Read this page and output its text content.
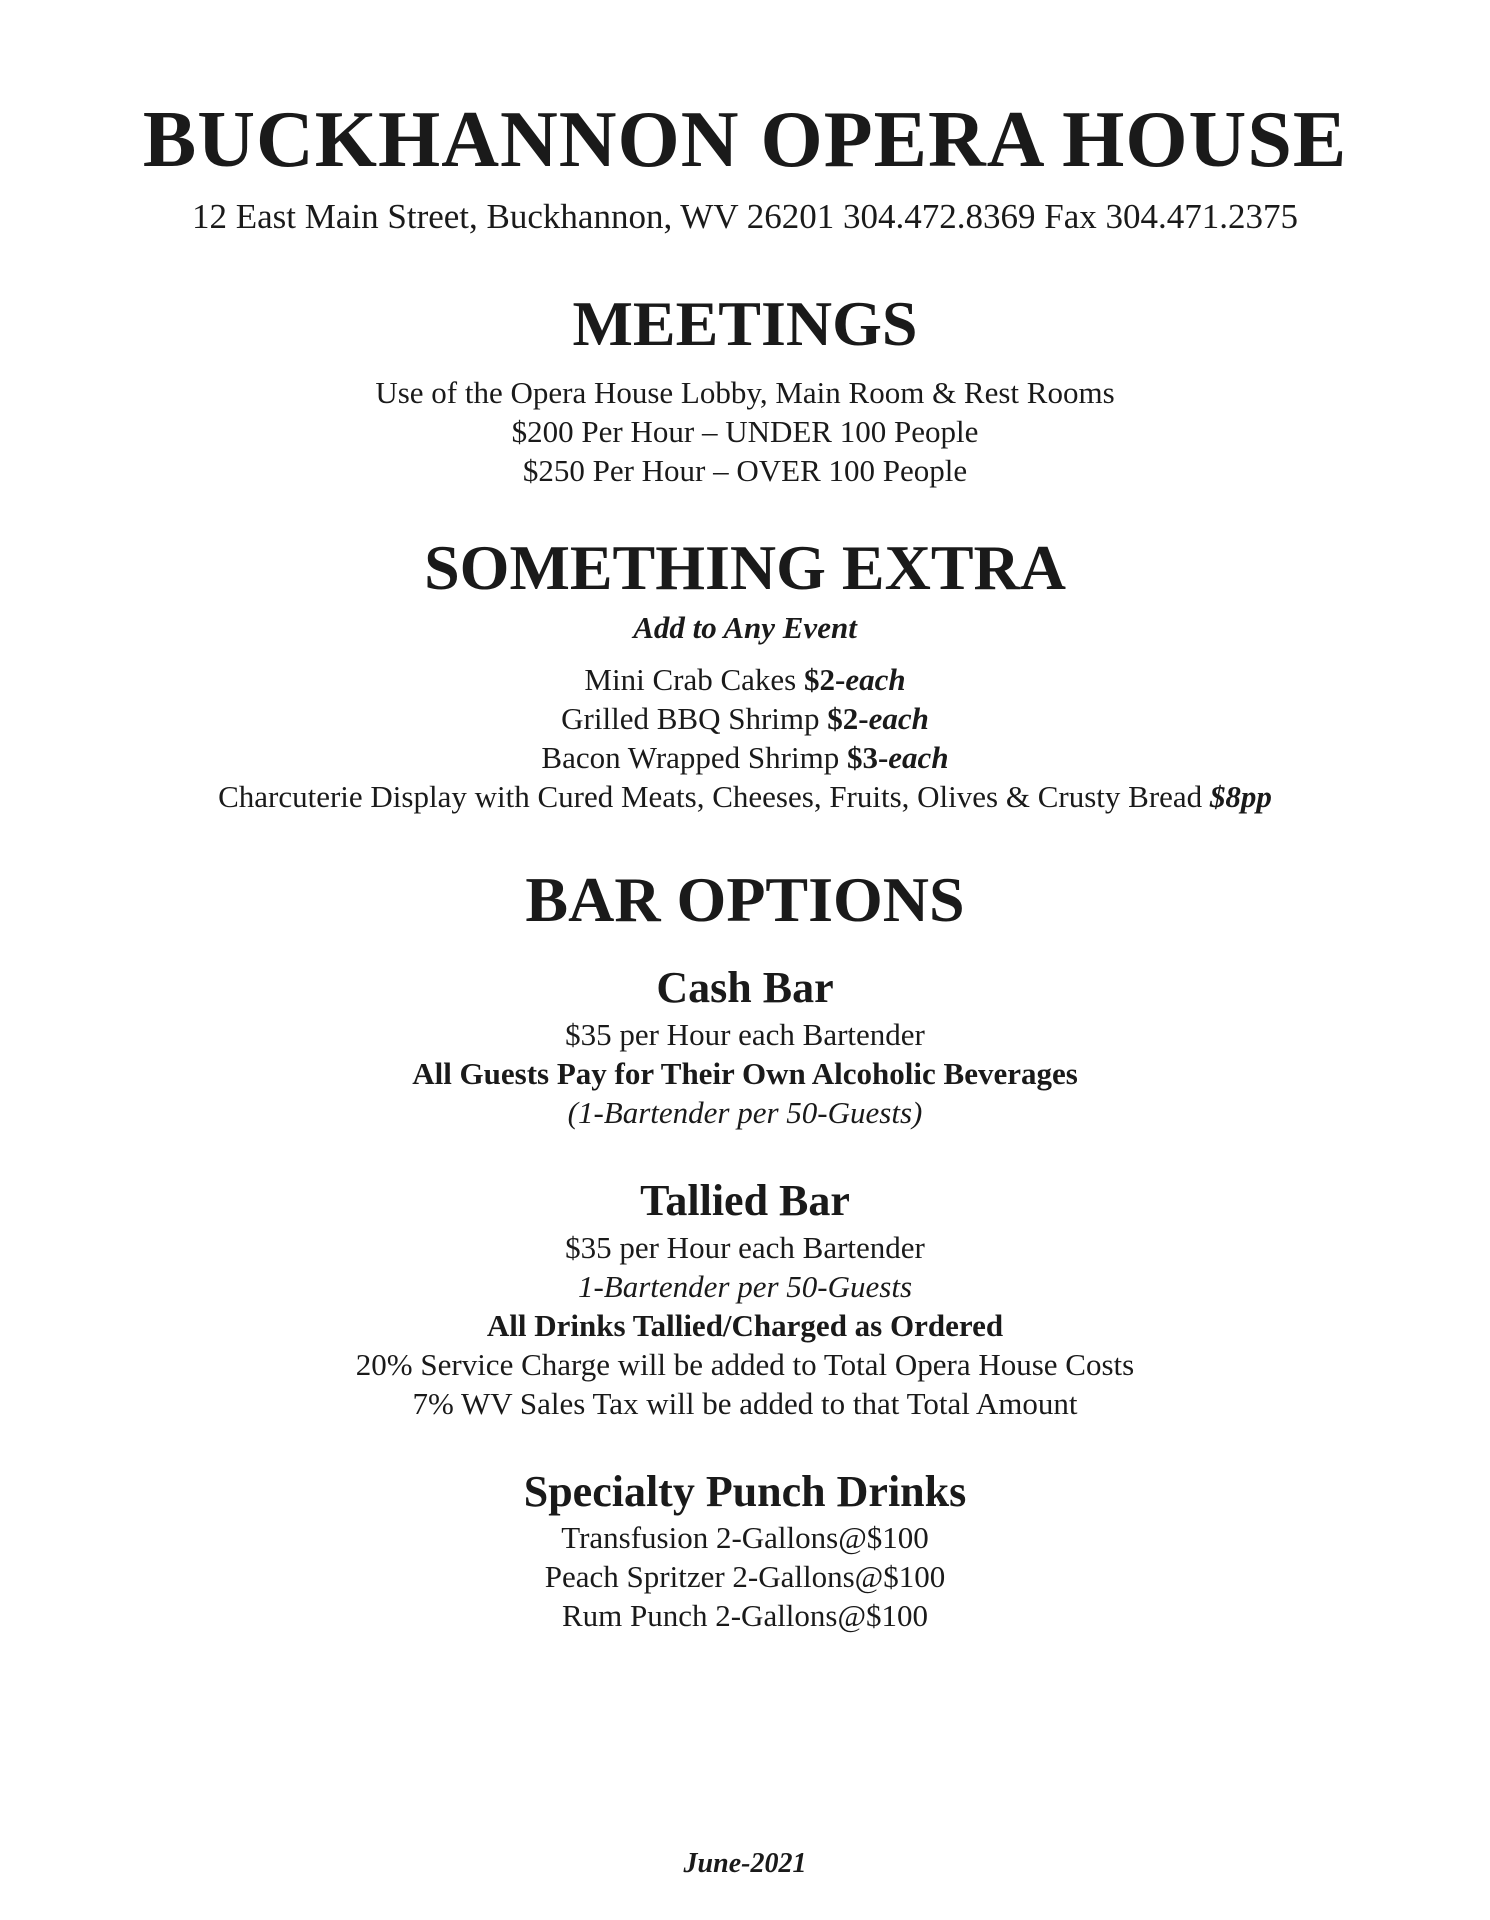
BUCKHANNON OPERA HOUSE
12 East Main Street, Buckhannon, WV 26201 304.472.8369 Fax 304.471.2375
MEETINGS
Use of the Opera House Lobby, Main Room & Rest Rooms
$200 Per Hour – UNDER 100 People
$250 Per Hour – OVER 100 People
SOMETHING EXTRA
Add to Any Event
Mini Crab Cakes $2-each
Grilled BBQ Shrimp $2-each
Bacon Wrapped Shrimp $3-each
Charcuterie Display with Cured Meats, Cheeses, Fruits, Olives & Crusty Bread $8pp
BAR OPTIONS
Cash Bar
$35 per Hour each Bartender
All Guests Pay for Their Own Alcoholic Beverages
(1-Bartender per 50-Guests)
Tallied Bar
$35 per Hour each Bartender
1-Bartender per 50-Guests
All Drinks Tallied/Charged as Ordered
20% Service Charge will be added to Total Opera House Costs
7% WV Sales Tax will be added to that Total Amount
Specialty Punch Drinks
Transfusion 2-Gallons@$100
Peach Spritzer 2-Gallons@$100
Rum Punch 2-Gallons@$100
June-2021
